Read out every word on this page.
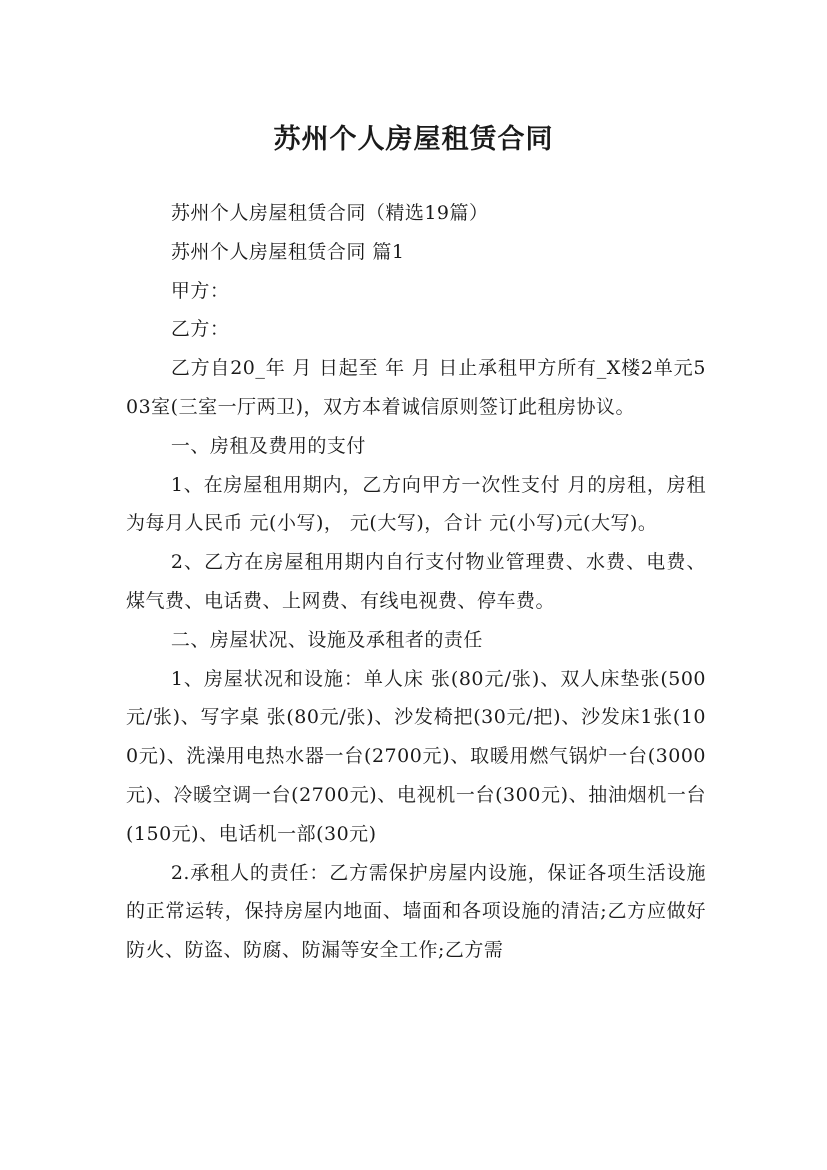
苏州个人房屋租赁合同

苏州个人房屋租赁合同（精选19篇）

苏州个人房屋租赁合同 篇1

甲方：

乙方：

乙方自20_年 月 日起至 年 月 日止承租甲方所有_X楼2单元503室(三室一厅两卫)，双方本着诚信原则签订此租房协议。

一、房租及费用的支付

1、在房屋租用期内，乙方向甲方一次性支付 月的房租，房租为每月人民币 元(小写)， 元(大写)，合计 元(小写)元(大写)。

2、乙方在房屋租用期内自行支付物业管理费、水费、电费、煤气费、电话费、上网费、有线电视费、停车费。

二、房屋状况、设施及承租者的责任

1、房屋状况和设施：单人床 张(80元/张)、双人床垫张(500元/张)、写字桌 张(80元/张)、沙发椅把(30元/把)、沙发床1张(100元)、洗澡用电热水器一台(2700元)、取暖用燃气锅炉一台(3000元)、冷暖空调一台(2700元)、电视机一台(300元)、抽油烟机一台(150元)、电话机一部(30元)

2.承租人的责任：乙方需保护房屋内设施，保证各项生活设施的正常运转，保持房屋内地面、墙面和各项设施的清洁;乙方应做好防火、防盗、防腐、防漏等安全工作;乙方需
